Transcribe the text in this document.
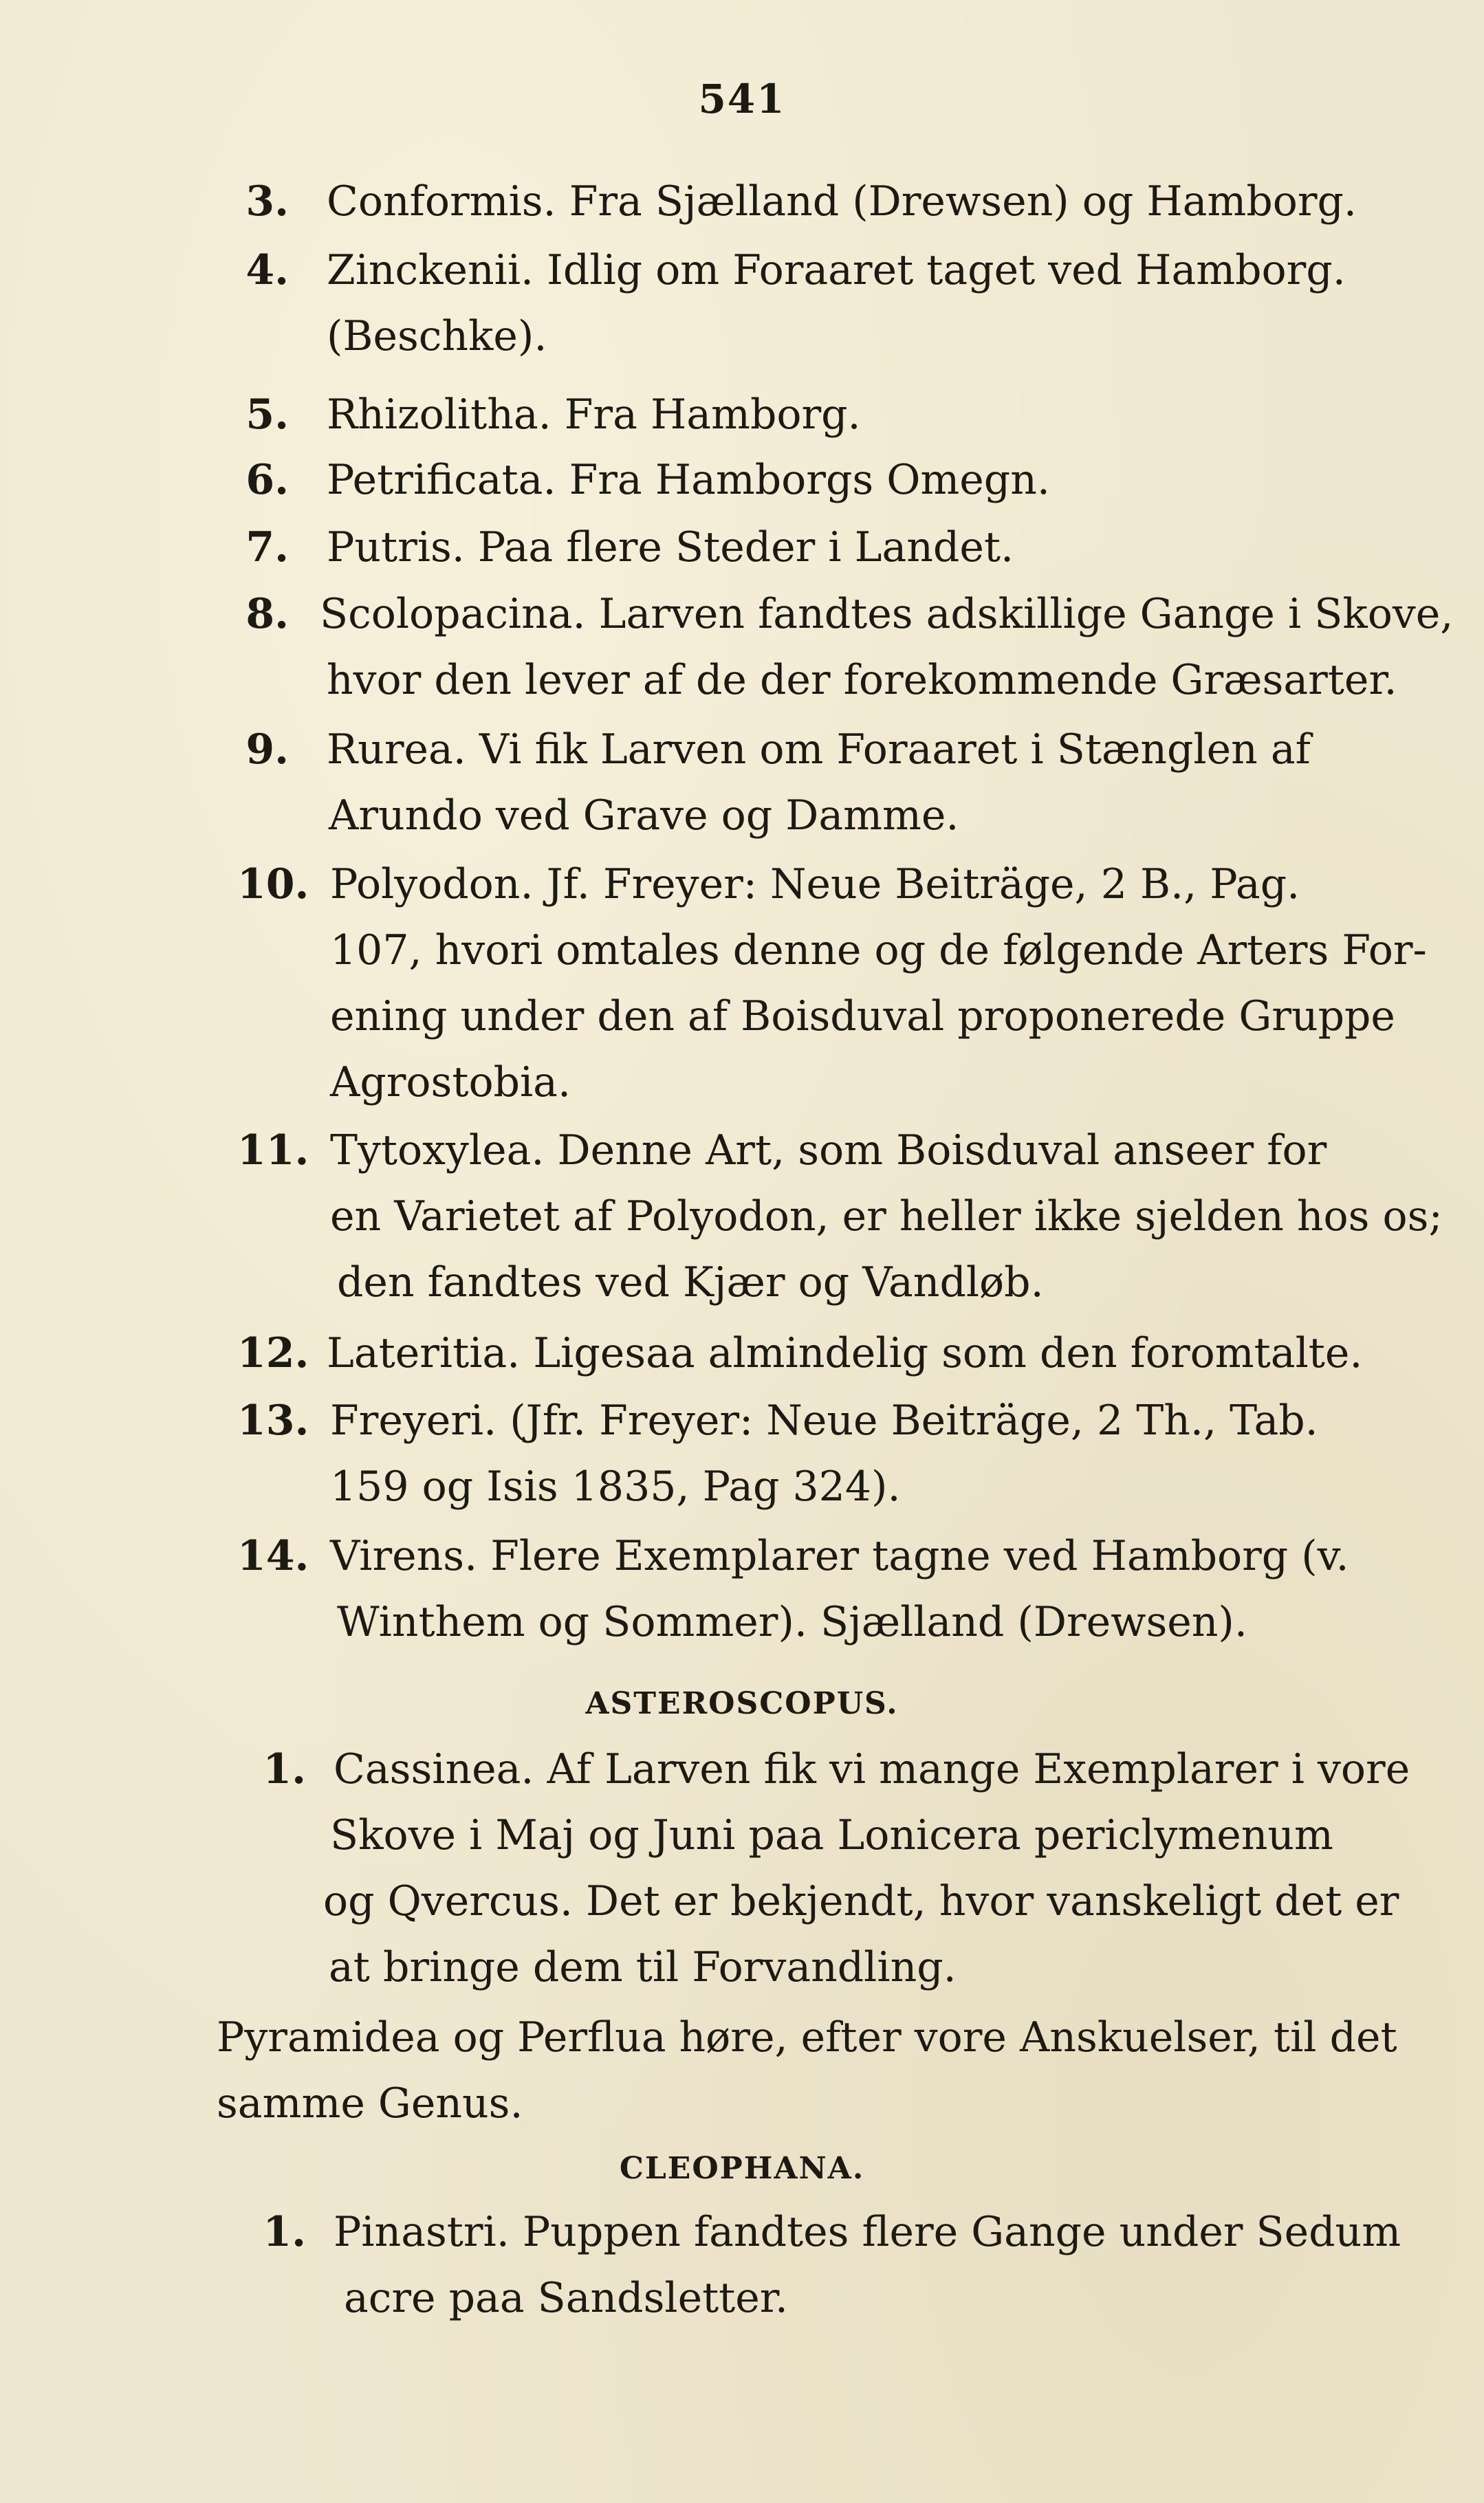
541
3. Conformis. Fra Sjælland (Drewsen) og Hamborg.
4. Zinckenii. Idlig om Foraaret taget ved Hamborg.
(Beschke).
5. Rhizolitha. Fra Hamborg.
6. Petrificata. Fra Hamborgs Omegn.
7. Putris. Paa flere Steder i Landet.
8. Scolopacina. Larven fandtes adskillige Gange i Skove,
hvor den lever af de der forekommende Græsarter.
9. Rurea. Vi fik Larven om Foraaret i Stænglen af
Arundo ved Grave og Damme.
10. Polyodon. Jf. Freyer: Neue Beiträge, 2 B., Pag.
107, hvori omtales denne og de følgende Arters For-
ening under den af Boisduval proponerede Gruppe
Agrostobia.
11. Tytoxylea. Denne Art, som Boisduval anseer for
en Varietet af Polyodon, er heller ikke sjelden hos os;
den fandtes ved Kjær og Vandløb.
12. Lateritia. Ligesaa almindelig som den foromtalte.
13. Freyeri. (Jfr. Freyer: Neue Beiträge, 2 Th., Tab.
159 og Isis 1835, Pag 324).
14. Virens. Flere Exemplarer tagne ved Hamborg (v.
Winthem og Sommer). Sjælland (Drewsen).
ASTEROSCOPUS.
1. Cassinea. Af Larven fik vi mange Exemplarer i vore
Skove i Maj og Juni paa Lonicera periclymenum
og Qvercus. Det er bekjendt, hvor vanskeligt det er
at bringe dem til Forvandling.
Pyramidea og Perflua høre, efter vore Anskuelser, til det
samme Genus.
CLEOPHANA.
1. Pinastri. Puppen fandtes flere Gange under Sedum
acre paa Sandsletter.
